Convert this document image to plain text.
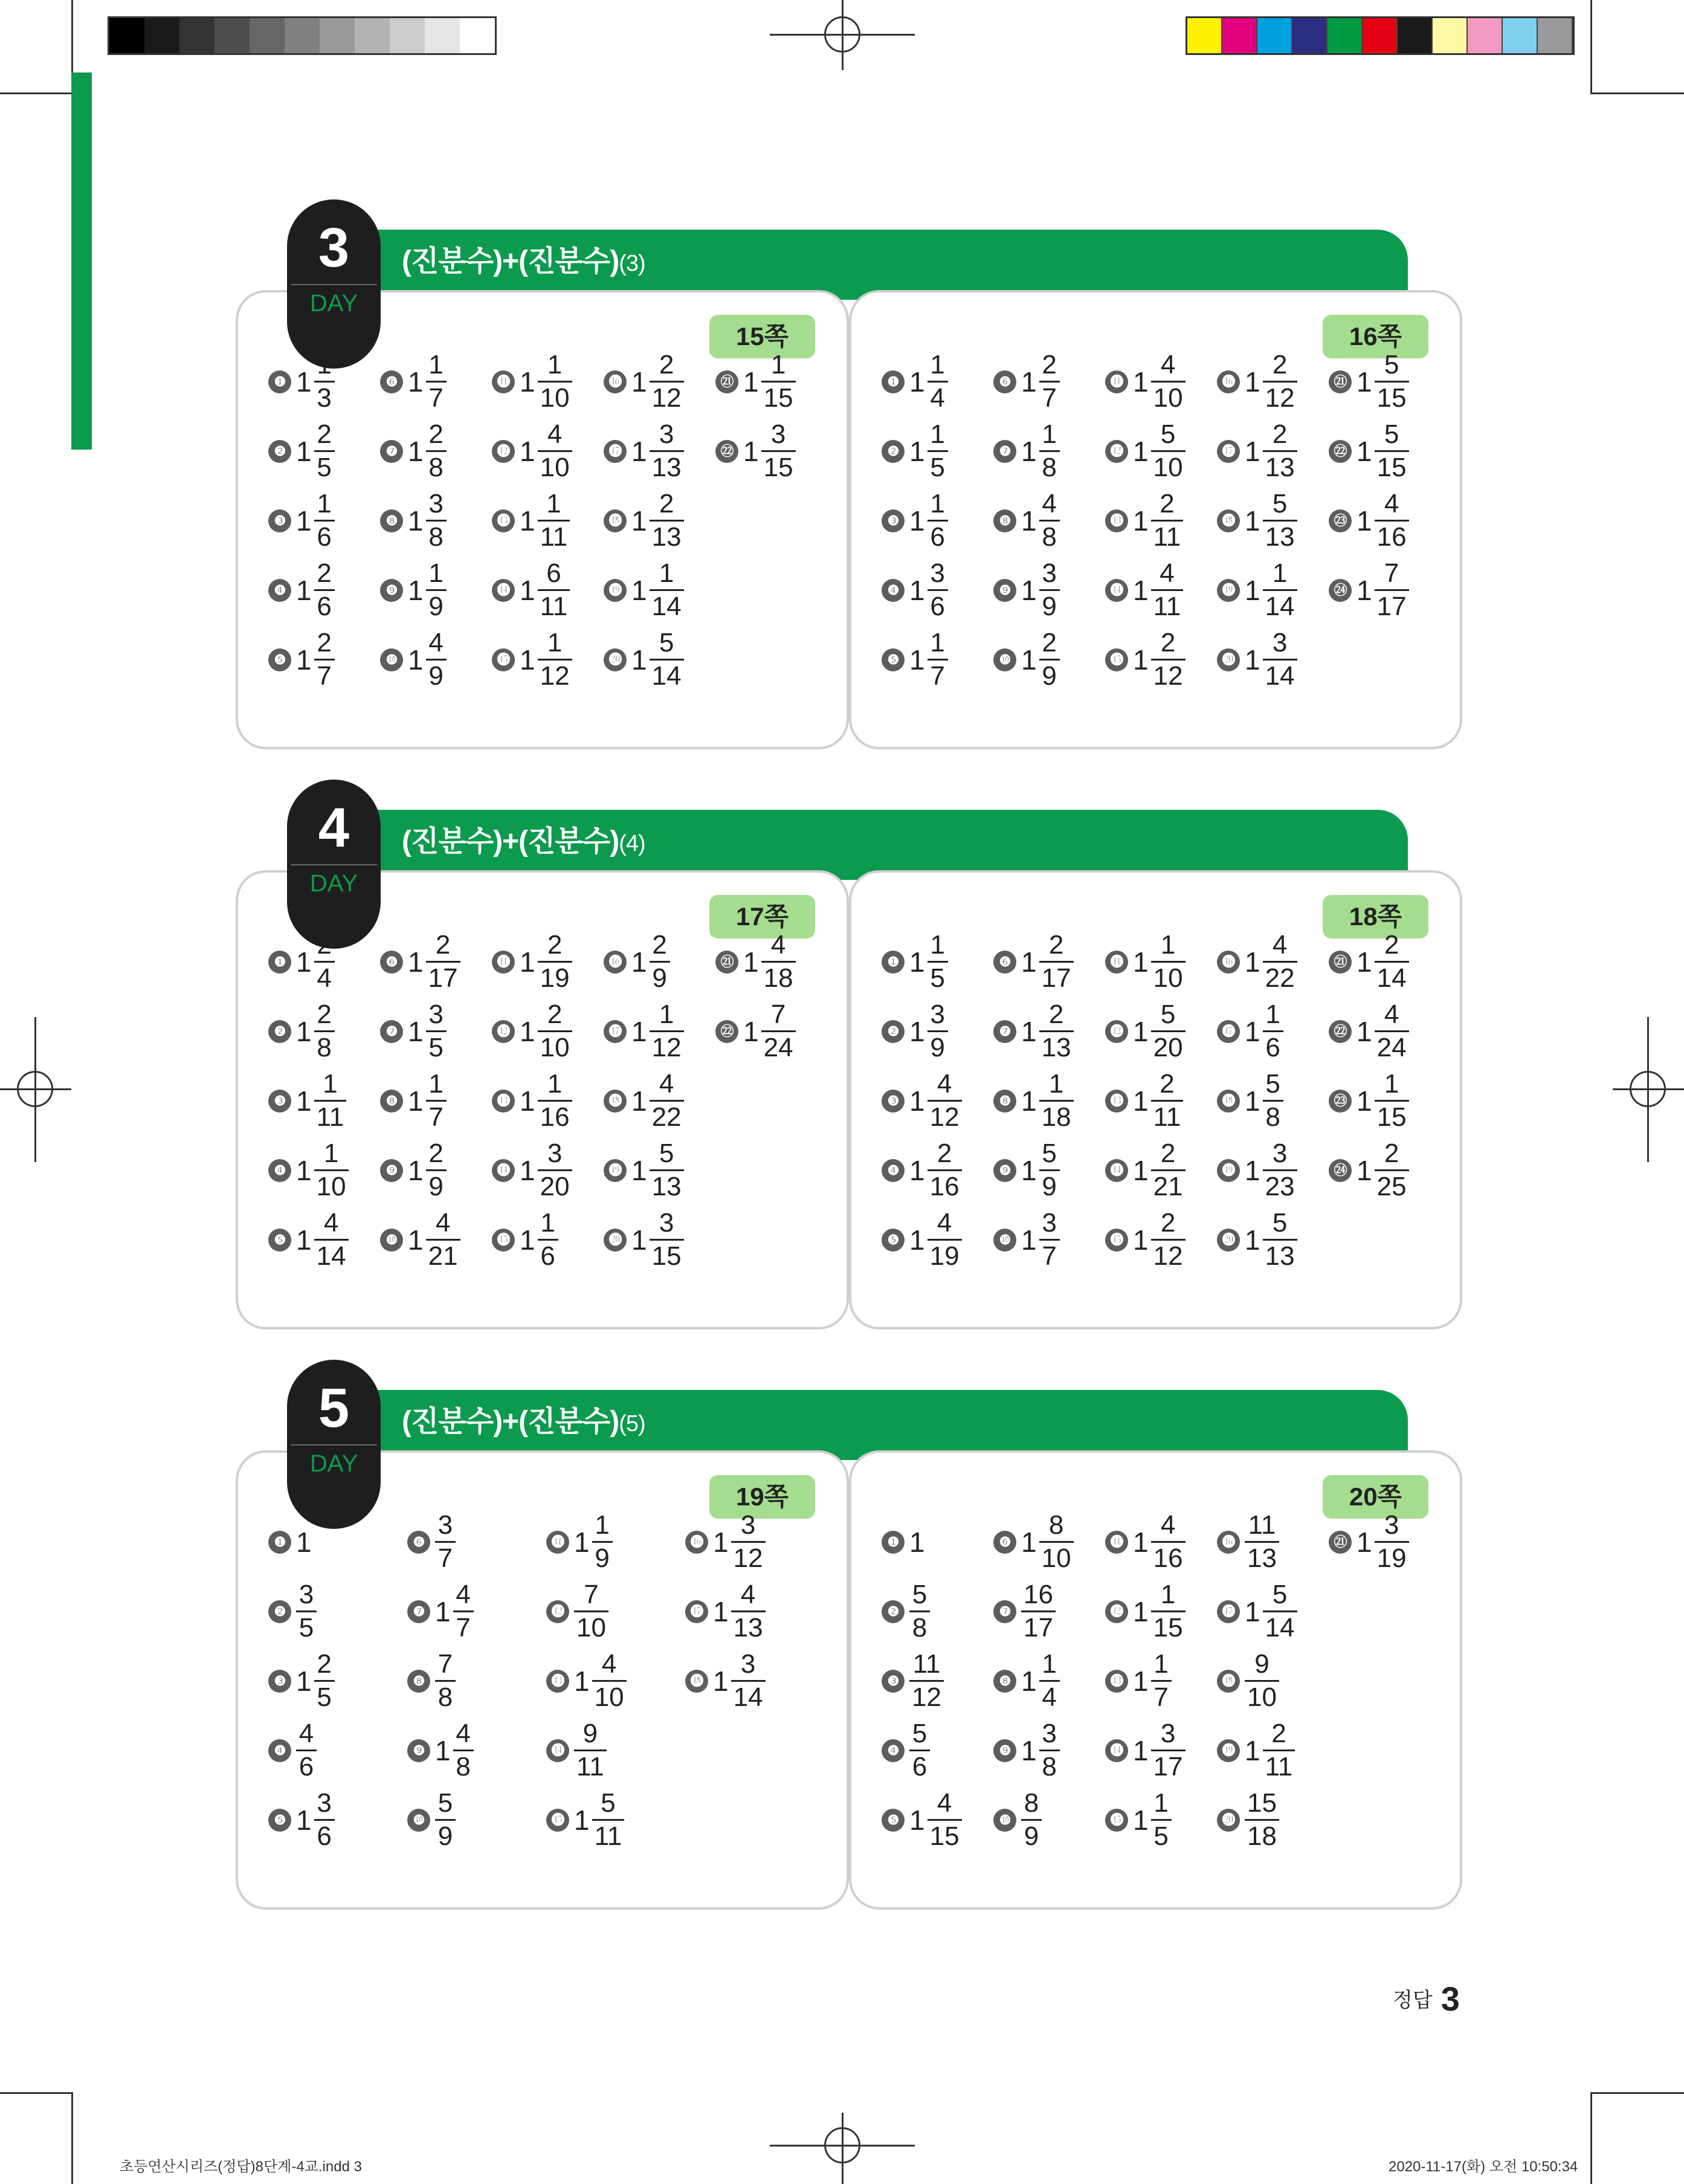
(진분수)+(진분수)(3)
15쪽
❶ 1
3
❷ $1 \frac{2}{5}$
❸ $1 \frac{1}{6}$
❹ $1 \frac{2}{6}$
❺ $1 \frac{2}{7}$
❻ $1 \frac{1}{7}$
❼ $1 \frac{2}{8}$
❽ $1 \frac{3}{8}$
❾ $1 \frac{1}{9}$
❿ $1 \frac{4}{9}$
⓫ $1 \frac{1}{10}$
⓬ $1 \frac{4}{10}$
⓭ $1 \frac{1}{11}$
⓮ $1 \frac{6}{11}$
⓯ $1 \frac{1}{12}$
⓰ $1 \frac{2}{12}$
⓱ $1 \frac{3}{13}$
⓲ $1 \frac{2}{13}$
⓳ $1 \frac{1}{14}$
⓴ $1 \frac{5}{14}$
㉑ $1 \frac{1}{15}$
㉒ $1 \frac{3}{15}$
16쪽
❶ $1 \frac{1}{4}$
❷ $1 \frac{1}{5}$
❸ $1 \frac{1}{6}$
❹ $1 \frac{3}{6}$
❺ $1 \frac{1}{7}$
❻ $1 \frac{2}{7}$
❼ $1 \frac{1}{8}$
❽ $1 \frac{4}{8}$
❾ $1 \frac{3}{9}$
❿ $1 \frac{2}{9}$
⓫ $1 \frac{4}{10}$
⓬ $1 \frac{5}{10}$
⓭ $1 \frac{2}{11}$
⓮ $1 \frac{4}{11}$
⓯ $1 \frac{2}{12}$
⓰ $1 \frac{2}{12}$
⓱ $1 \frac{2}{13}$
⓲ $1 \frac{5}{13}$
⓳ $1 \frac{1}{14}$
⓴ $1 \frac{3}{14}$
㉑ $1 \frac{5}{15}$
㉒ $1 \frac{5}{15}$
㉓ $1 \frac{4}{16}$
㉔ $1 \frac{7}{17}$
3
DAY
(진분수)+(진분수)(4)
17쪽
❶ 1
4
❷ $1 \frac{2}{8}$
❸ $1 \frac{1}{11}$
❹ $1 \frac{1}{10}$
❺ $1 \frac{4}{14}$
❻ $1 \frac{2}{17}$
❼ $1 \frac{3}{5}$
❽ $1 \frac{1}{7}$
❾ $1 \frac{2}{9}$
❿ $1 \frac{4}{21}$
⓫ $1 \frac{2}{19}$
⓬ $1 \frac{2}{10}$
⓭ $1 \frac{1}{16}$
⓮ $1 \frac{3}{20}$
⓯ $1 \frac{1}{6}$
⓰ $1 \frac{2}{9}$
⓱ $1 \frac{1}{12}$
⓲ $1 \frac{4}{22}$
⓳ $1 \frac{5}{13}$
⓴ $1 \frac{3}{15}$
㉑ $1 \frac{4}{18}$
㉒ $1 \frac{7}{24}$
18쪽
❶ $1 \frac{1}{5}$
❷ $1 \frac{3}{9}$
❸ $1 \frac{4}{12}$
❹ $1 \frac{2}{16}$
❺ $1 \frac{4}{19}$
❻ $1 \frac{2}{17}$
❼ $1 \frac{2}{13}$
❽ $1 \frac{1}{18}$
❾ $1 \frac{5}{9}$
❿ $1 \frac{3}{7}$
⓫ $1 \frac{1}{10}$
⓬ $1 \frac{5}{20}$
⓭ $1 \frac{2}{11}$
⓮ $1 \frac{2}{21}$
⓯ $1 \frac{2}{12}$
⓰ $1 \frac{4}{22}$
⓱ $1 \frac{1}{6}$
⓲ $1 \frac{5}{8}$
⓳ $1 \frac{3}{23}$
⓴ $1 \frac{5}{13}$
㉑ $1 \frac{2}{14}$
㉒ $1 \frac{4}{24}$
㉓ $1 \frac{1}{15}$
㉔ $1 \frac{2}{25}$
4
DAY
(진분수)+(진분수)(5)
19쪽
❶ 1
❷ $\frac{3}{5}$
❸ $1 \frac{2}{5}$
❹ $\frac{4}{6}$
❺ $1 \frac{3}{6}$
❻ $\frac{3}{7}$
❼ $1 \frac{4}{7}$
❽ $\frac{7}{8}$
❾ $1 \frac{4}{8}$
❿ $\frac{5}{9}$
⓫ $1 \frac{1}{9}$
⓬ $\frac{7}{10}$
⓭ $1 \frac{4}{10}$
⓮ $\frac{9}{11}$
⓯ $1 \frac{5}{11}$
⓰ $1 \frac{3}{12}$
⓱ $1 \frac{4}{13}$
⓲ $1 \frac{3}{14}$
20쪽
❶ 1
❷ $\frac{5}{8}$
❸ $\frac{11}{12}$
❹ $\frac{5}{6}$
❺ $1 \frac{4}{15}$
❻ $1 \frac{8}{10}$
❼ $\frac{16}{17}$
❽ $1 \frac{1}{4}$
❾ $1 \frac{3}{8}$
❿ $\frac{8}{9}$
⓫ $1 \frac{4}{16}$
⓬ $1 \frac{1}{15}$
⓭ $1 \frac{1}{7}$
⓮ $1 \frac{3}{17}$
⓯ $1 \frac{1}{5}$
⓰ $\frac{11}{13}$
⓱ $1 \frac{5}{14}$
⓲ $\frac{9}{10}$
⓳ $1 \frac{2}{11}$
⓴ $\frac{15}{18}$
㉑ $1 \frac{3}{19}$
5
DAY
정답 3
초등연산시리즈(정답)8단계-4교.indd 3	2020-11-17(화) 오전 10:50:34
